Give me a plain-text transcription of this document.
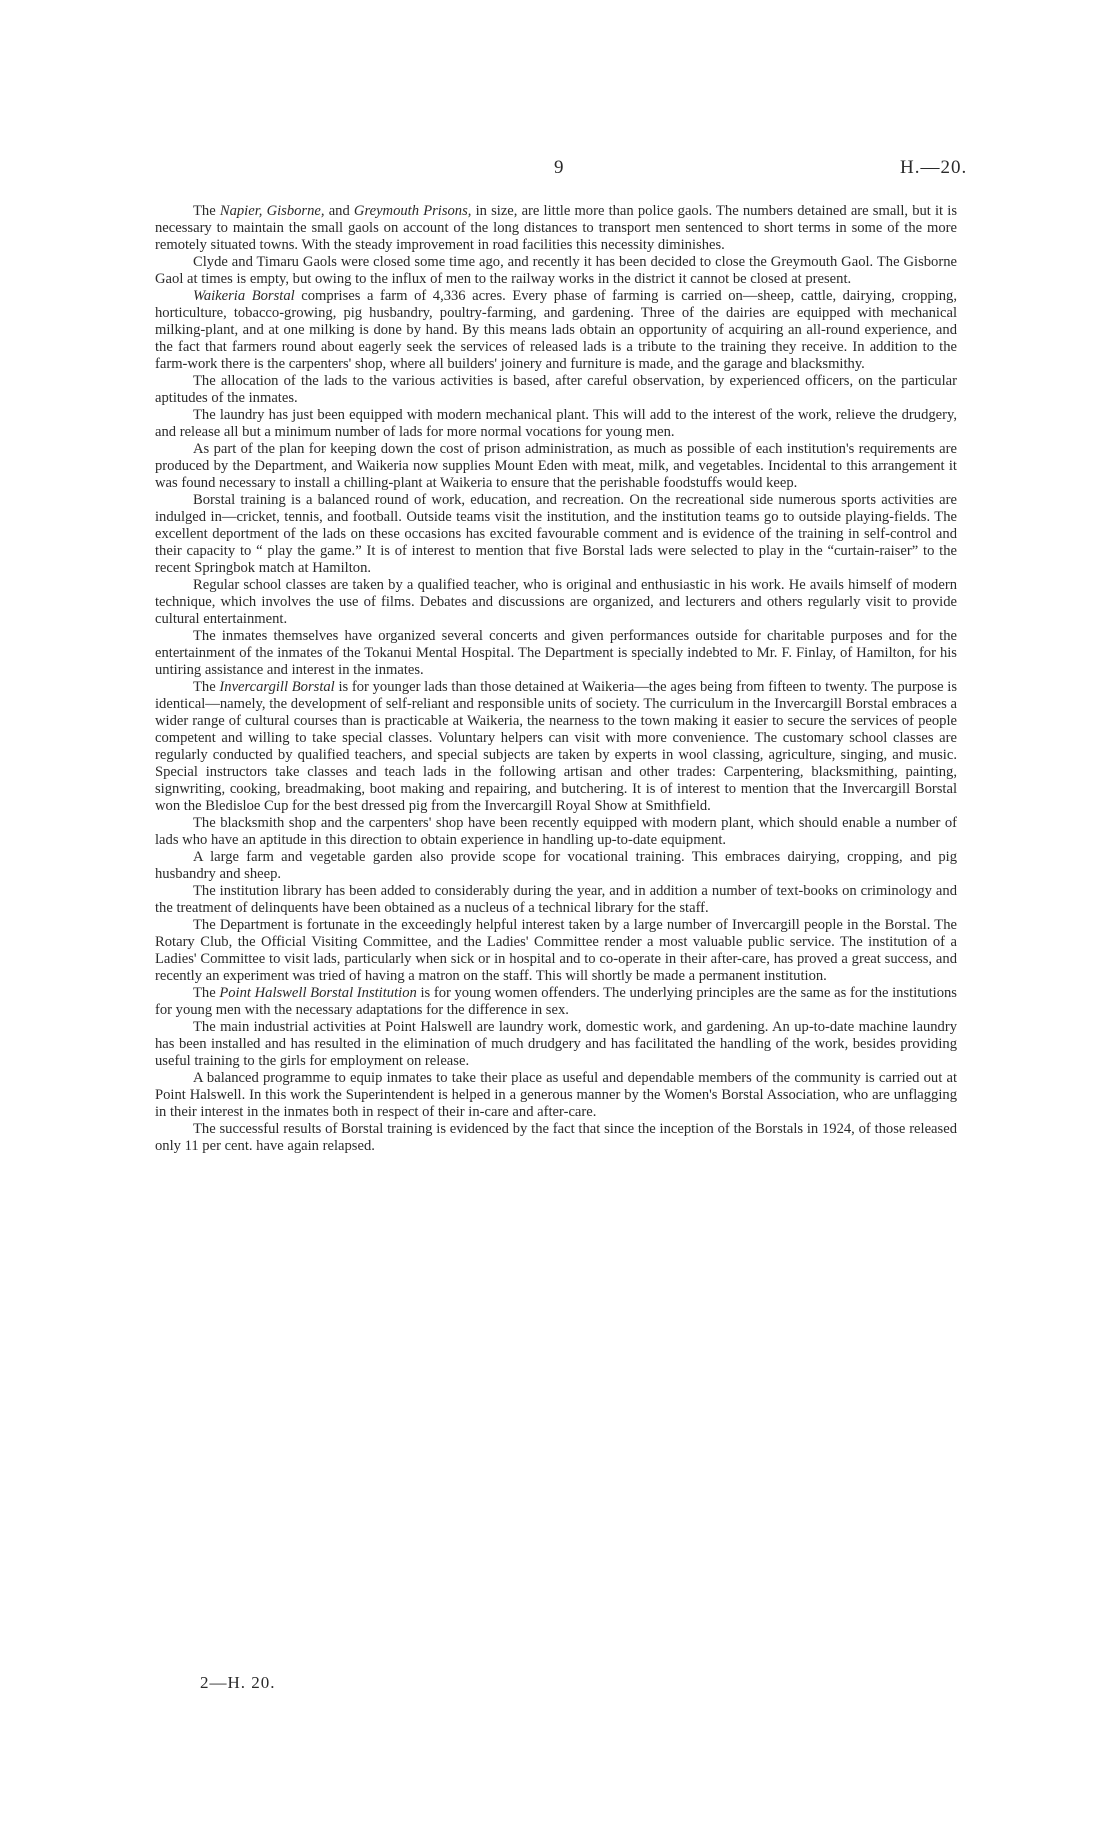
9	H.—20.

The Napier, Gisborne, and Greymouth Prisons, in size, are little more than police gaols. The numbers detained are small, but it is necessary to maintain the small gaols on account of the long distances to transport men sentenced to short terms in some of the more remotely situated towns. With the steady improvement in road facilities this necessity diminishes.

Clyde and Timaru Gaols were closed some time ago, and recently it has been decided to close the Greymouth Gaol. The Gisborne Gaol at times is empty, but owing to the influx of men to the railway works in the district it cannot be closed at present.

Waikeria Borstal comprises a farm of 4,336 acres. Every phase of farming is carried on—sheep, cattle, dairying, cropping, horticulture, tobacco-growing, pig husbandry, poultry-farming, and gardening. Three of the dairies are equipped with mechanical milking-plant, and at one milking is done by hand. By this means lads obtain an opportunity of acquiring an all-round experience, and the fact that farmers round about eagerly seek the services of released lads is a tribute to the training they receive. In addition to the farm-work there is the carpenters' shop, where all builders' joinery and furniture is made, and the garage and blacksmithy.

The allocation of the lads to the various activities is based, after careful observation, by experienced officers, on the particular aptitudes of the inmates.

The laundry has just been equipped with modern mechanical plant. This will add to the interest of the work, relieve the drudgery, and release all but a minimum number of lads for more normal vocations for young men.

As part of the plan for keeping down the cost of prison administration, as much as possible of each institution's requirements are produced by the Department, and Waikeria now supplies Mount Eden with meat, milk, and vegetables. Incidental to this arrangement it was found necessary to install a chilling-plant at Waikeria to ensure that the perishable foodstuffs would keep.

Borstal training is a balanced round of work, education, and recreation. On the recreational side numerous sports activities are indulged in—cricket, tennis, and football. Outside teams visit the institution, and the institution teams go to outside playing-fields. The excellent deportment of the lads on these occasions has excited favourable comment and is evidence of the training in self-control and their capacity to “ play the game.” It is of interest to mention that five Borstal lads were selected to play in the “curtain-raiser” to the recent Springbok match at Hamilton.

Regular school classes are taken by a qualified teacher, who is original and enthusiastic in his work. He avails himself of modern technique, which involves the use of films. Debates and discussions are organized, and lecturers and others regularly visit to provide cultural entertainment.

The inmates themselves have organized several concerts and given performances outside for charitable purposes and for the entertainment of the inmates of the Tokanui Mental Hospital. The Department is specially indebted to Mr. F. Finlay, of Hamilton, for his untiring assistance and interest in the inmates.

The Invercargill Borstal is for younger lads than those detained at Waikeria—the ages being from fifteen to twenty. The purpose is identical—namely, the development of self-reliant and responsible units of society. The curriculum in the Invercargill Borstal embraces a wider range of cultural courses than is practicable at Waikeria, the nearness to the town making it easier to secure the services of people competent and willing to take special classes. Voluntary helpers can visit with more convenience. The customary school classes are regularly conducted by qualified teachers, and special subjects are taken by experts in wool classing, agriculture, singing, and music. Special instructors take classes and teach lads in the following artisan and other trades: Carpentering, blacksmithing, painting, signwriting, cooking, breadmaking, boot making and repairing, and butchering. It is of interest to mention that the Invercargill Borstal won the Bledisloe Cup for the best dressed pig from the Invercargill Royal Show at Smithfield.

The blacksmith shop and the carpenters' shop have been recently equipped with modern plant, which should enable a number of lads who have an aptitude in this direction to obtain experience in handling up-to-date equipment.

A large farm and vegetable garden also provide scope for vocational training. This embraces dairying, cropping, and pig husbandry and sheep.

The institution library has been added to considerably during the year, and in addition a number of text-books on criminology and the treatment of delinquents have been obtained as a nucleus of a technical library for the staff.

The Department is fortunate in the exceedingly helpful interest taken by a large number of Invercargill people in the Borstal. The Rotary Club, the Official Visiting Committee, and the Ladies' Committee render a most valuable public service. The institution of a Ladies' Committee to visit lads, particularly when sick or in hospital and to co-operate in their after-care, has proved a great success, and recently an experiment was tried of having a matron on the staff. This will shortly be made a permanent institution.

The Point Halswell Borstal Institution is for young women offenders. The underlying principles are the same as for the institutions for young men with the necessary adaptations for the difference in sex.

The main industrial activities at Point Halswell are laundry work, domestic work, and gardening. An up-to-date machine laundry has been installed and has resulted in the elimination of much drudgery and has facilitated the handling of the work, besides providing useful training to the girls for employment on release.

A balanced programme to equip inmates to take their place as useful and dependable members of the community is carried out at Point Halswell. In this work the Superintendent is helped in a generous manner by the Women's Borstal Association, who are unflagging in their interest in the inmates both in respect of their in-care and after-care.

The successful results of Borstal training is evidenced by the fact that since the inception of the Borstals in 1924, of those released only 11 per cent. have again relapsed.

2—H. 20.
